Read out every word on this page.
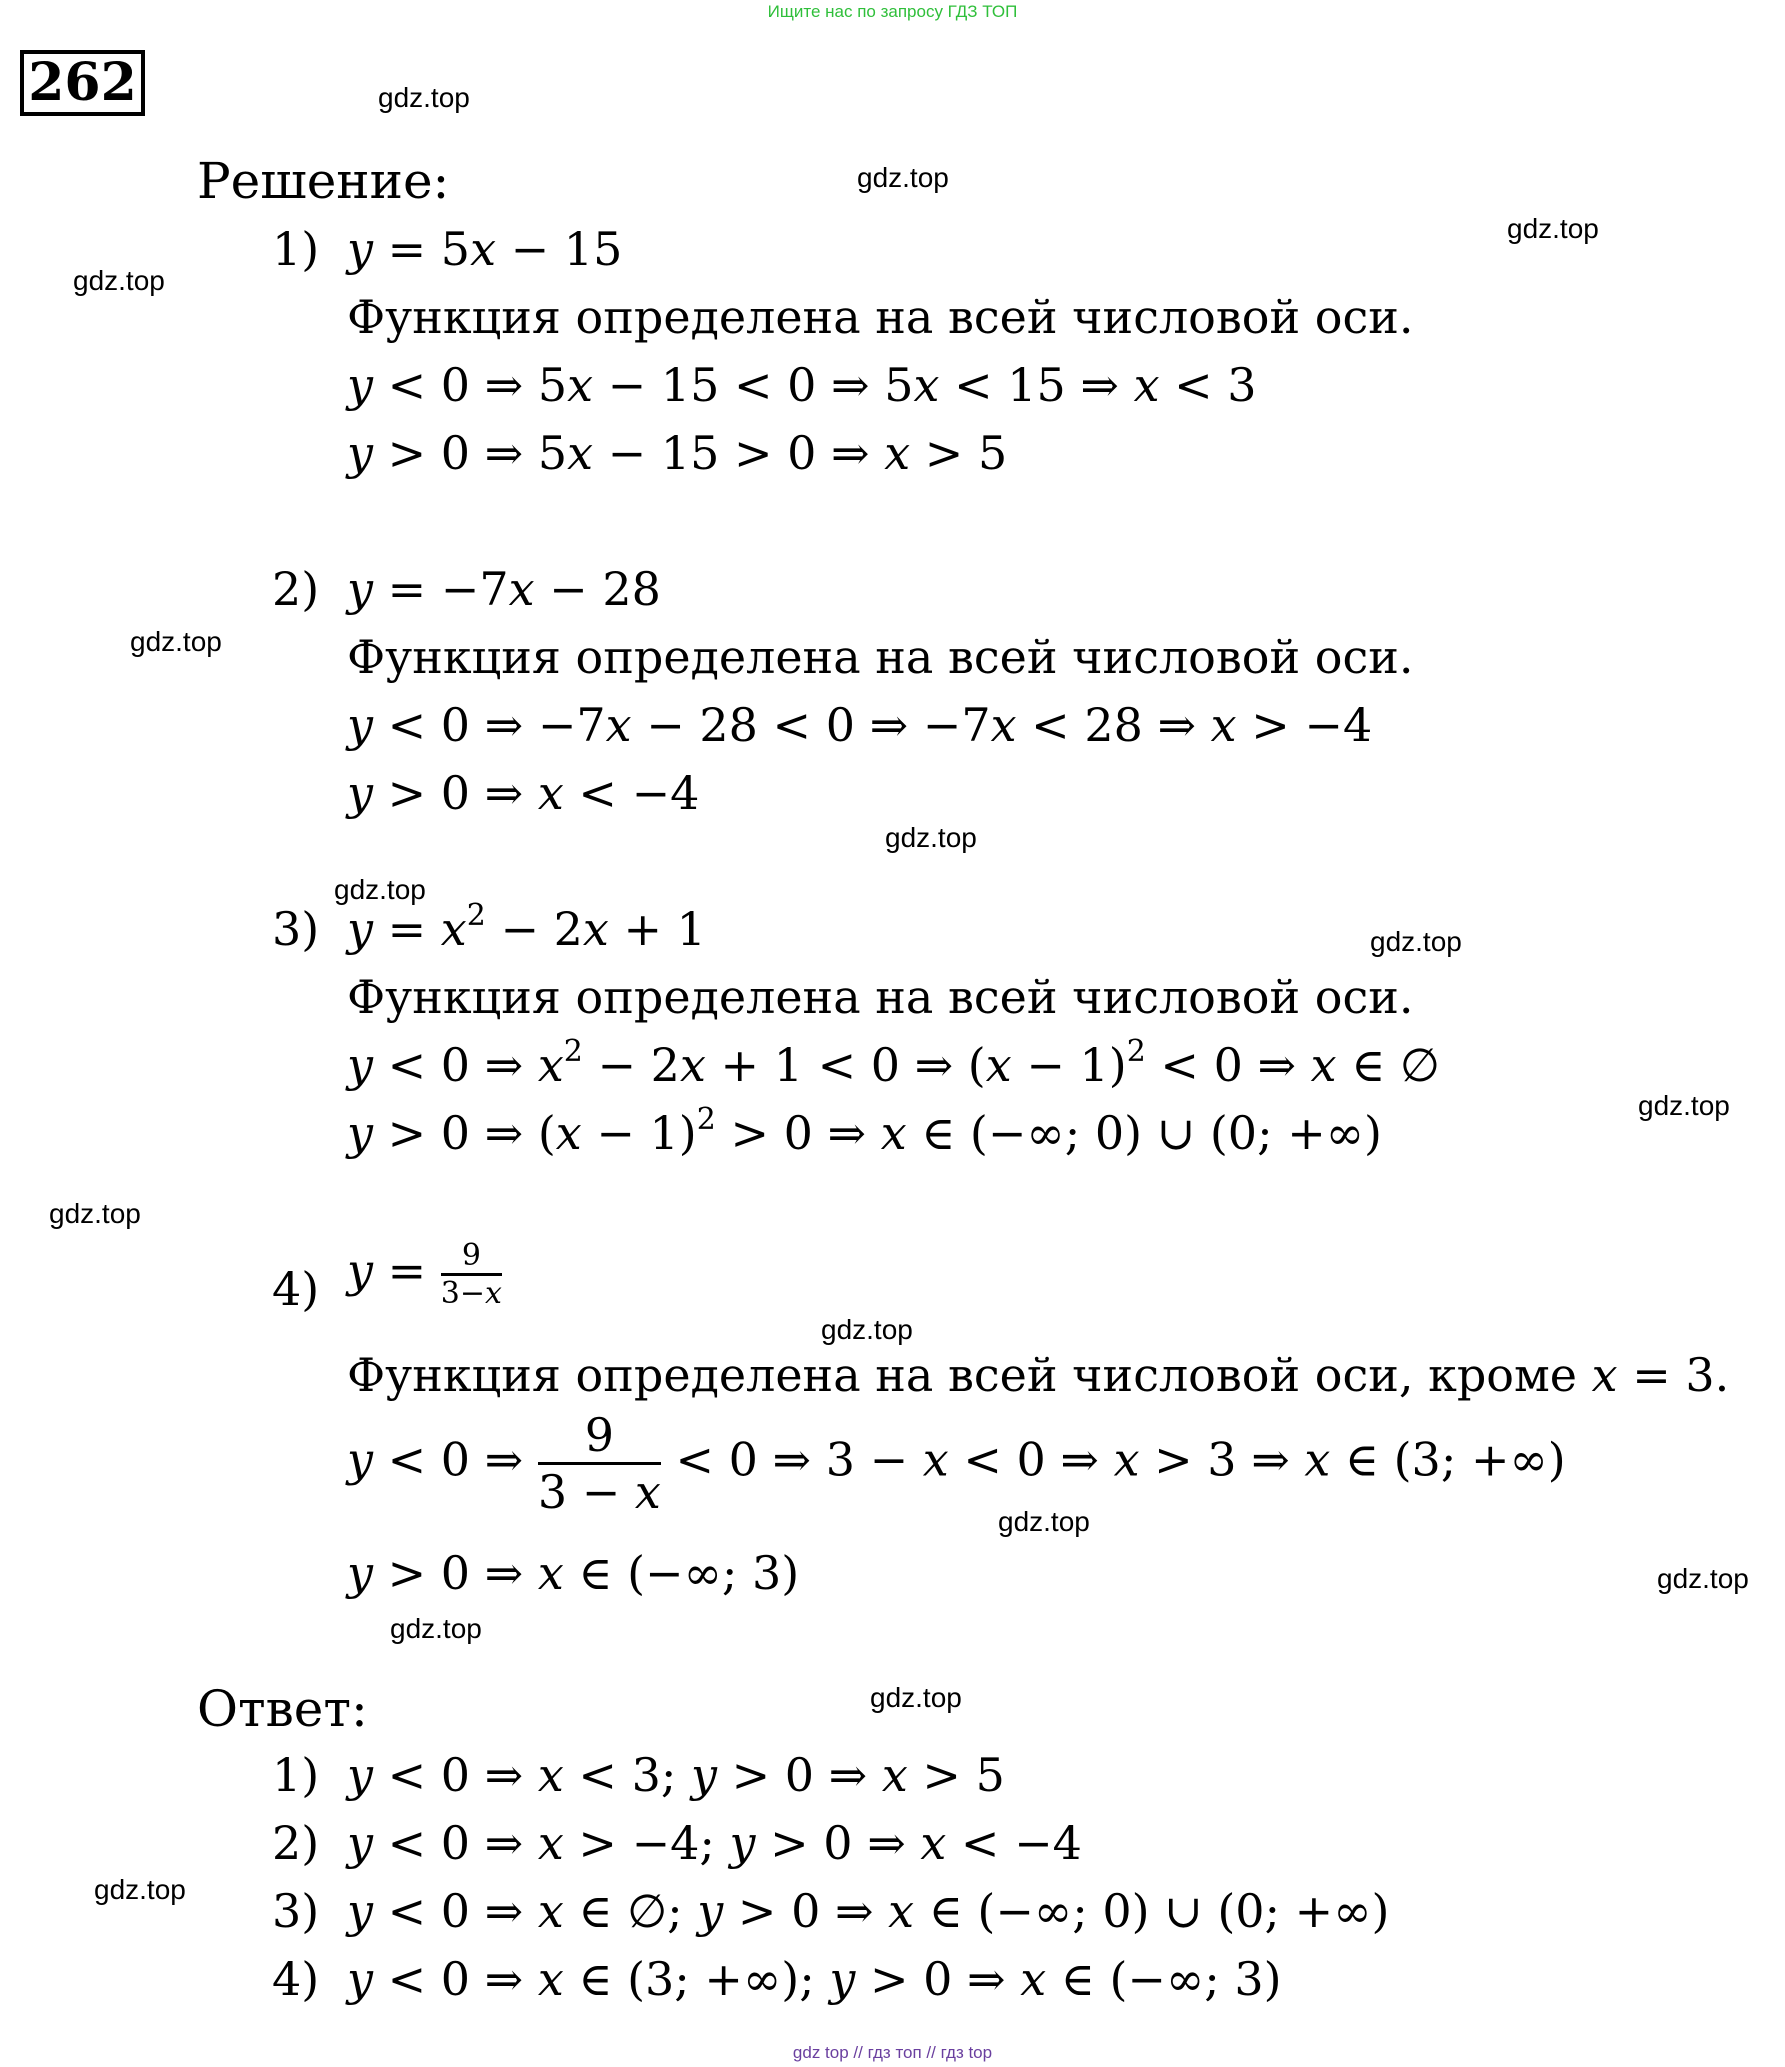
Ищите нас по запросу ГДЗ ТОП
262	gdz.top
gdz.top
gdz.top
gdz.top
gdz.top
gdz.top
gdz.top
gdz.top
gdz.top
gdz.top
gdz.top
gdz.top
gdz.top
gdz.top
gdz.top
gdz.top
Решение:
1) y = 5x − 15
Функция определена на всей числовой оси.
y < 0 ⇒ 5x − 15 < 0 ⇒ 5x < 15 ⇒ x < 3
y > 0 ⇒ 5x − 15 > 0 ⇒ x > 5
2) y = −7x − 28
Функция определена на всей числовой оси.
y < 0 ⇒ −7x − 28 < 0 ⇒ −7x < 28 ⇒ x > −4
y > 0 ⇒ x < −4
3) $y = x^2 - 2x + 1$
Функция определена на всей числовой оси.
y < 0 ⇒ $x^2 - 2x + 1 < 0$ ⇒ $(x - 1)^2 < 0$ ⇒ x ∈ ∅
y > 0 ⇒ $(x - 1)^2 > 0$ ⇒ x ∈ (−∞; 0) ∪ (0; +∞)
4) $y = \frac{9}{3-x}$
Функция определена на всей числовой оси, кроме x = 3.
y < 0 ⇒ $\frac{9}{3 - x} < 0$ ⇒ 3 − x < 0 ⇒ x > 3 ⇒ x ∈ (3; +∞)
y > 0 ⇒ x ∈ (−∞; 3)
Ответ:
1) y < 0 ⇒ x < 3; y > 0 ⇒ x > 5
2) y < 0 ⇒ x > −4; y > 0 ⇒ x < −4
3) y < 0 ⇒ x ∈ ∅; y > 0 ⇒ x ∈ (−∞; 0) ∪ (0; +∞)
4) y < 0 ⇒ x ∈ (3; +∞); y > 0 ⇒ x ∈ (−∞; 3)
gdz top // гдз топ // гдз top
